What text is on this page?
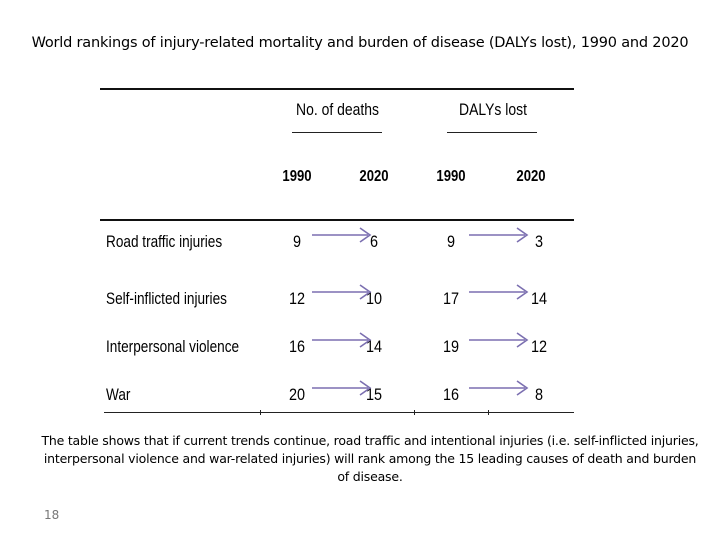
World rankings of injury-related mortality and burden of disease (DALYs lost), 1990 and 2020
No. of deaths	DALYs lost
1990	2020	1990	2020
Road traffic injuries	9	6	9	3
Self-inflicted injuries	12	10	17	14
Interpersonal violence	16	14	19	12
War	20	15	16	8
The table shows that if current trends continue, road traffic and intentional injuries (i.e. self-inflicted injuries, interpersonal violence and war-related injuries) will rank among the 15 leading causes of death and burden of disease.
18
